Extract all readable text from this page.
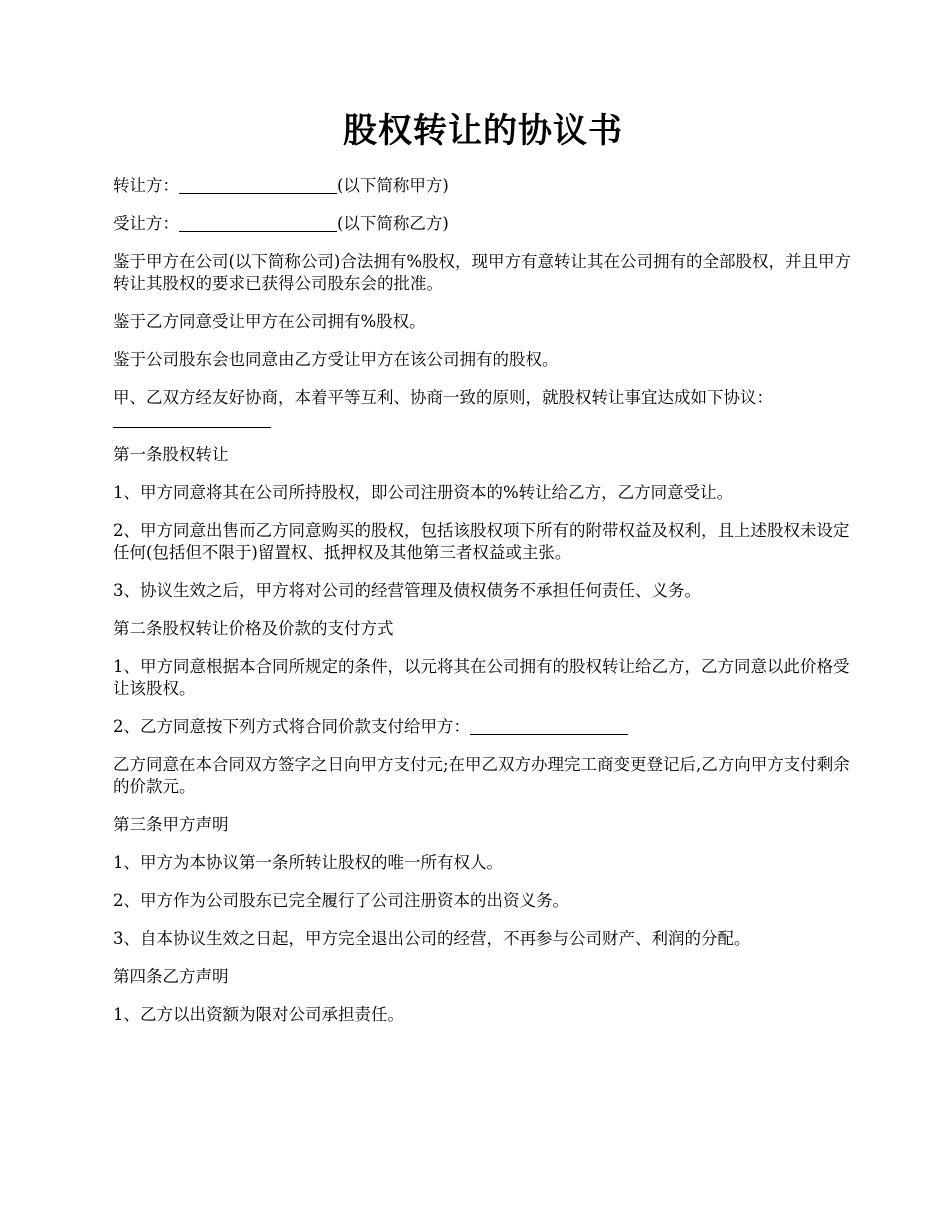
股权转让的协议书

转让方：	(以下简称甲方)

受让方：	(以下简称乙方)

鉴于甲方在公司(以下简称公司)合法拥有%股权，现甲方有意转让其在公司拥有的全部股权，并且甲方转让其股权的要求已获得公司股东会的批准。

鉴于乙方同意受让甲方在公司拥有%股权。

鉴于公司股东会也同意由乙方受让甲方在该公司拥有的股权。

甲、乙双方经友好协商，本着平等互利、协商一致的原则，就股权转让事宜达成如下协议：

第一条股权转让

1、甲方同意将其在公司所持股权，即公司注册资本的%转让给乙方，乙方同意受让。

2、甲方同意出售而乙方同意购买的股权，包括该股权项下所有的附带权益及权利，且上述股权未设定任何(包括但不限于)留置权、抵押权及其他第三者权益或主张。

3、协议生效之后，甲方将对公司的经营管理及债权债务不承担任何责任、义务。

第二条股权转让价格及价款的支付方式

1、甲方同意根据本合同所规定的条件，以元将其在公司拥有的股权转让给乙方，乙方同意以此价格受让该股权。

2、乙方同意按下列方式将合同价款支付给甲方：

乙方同意在本合同双方签字之日向甲方支付元;在甲乙双方办理完工商变更登记后,乙方向甲方支付剩余的价款元。

第三条甲方声明

1、甲方为本协议第一条所转让股权的唯一所有权人。

2、甲方作为公司股东已完全履行了公司注册资本的出资义务。

3、自本协议生效之日起，甲方完全退出公司的经营，不再参与公司财产、利润的分配。

第四条乙方声明

1、乙方以出资额为限对公司承担责任。
